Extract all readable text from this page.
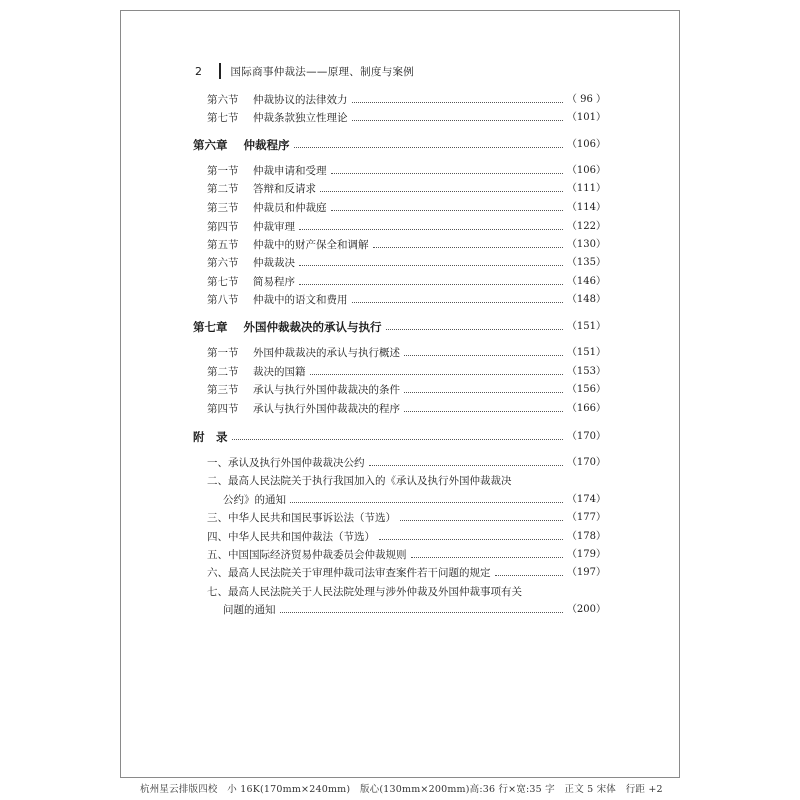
2	国际商事仲裁法——原理、制度与案例
第六节	仲裁协议的法律效力	（ 96 ）
第七节	仲裁条款独立性理论	（101）
第六章 仲裁程序	（106）
第一节	仲裁申请和受理	（106）
第二节	答辩和反请求	（111）
第三节	仲裁员和仲裁庭	（114）
第四节	仲裁审理	（122）
第五节	仲裁中的财产保全和调解	（130）
第六节	仲裁裁决	（135）
第七节	简易程序	（146）
第八节	仲裁中的语文和费用	（148）
第七章 外国仲裁裁决的承认与执行	（151）
第一节	外国仲裁裁决的承认与执行概述	（151）
第二节	裁决的国籍	（153）
第三节	承认与执行外国仲裁裁决的条件	（156）
第四节	承认与执行外国仲裁裁决的程序	（166）
附　录	（170）
一、承认及执行外国仲裁裁决公约	（170）
二、最高人民法院关于执行我国加入的《承认及执行外国仲裁裁决
公约》的通知	（174）
三、中华人民共和国民事诉讼法（节选）	（177）
四、中华人民共和国仲裁法（节选）	（178）
五、中国国际经济贸易仲裁委员会仲裁规则	（179）
六、最高人民法院关于审理仲裁司法审查案件若干问题的规定	（197）
七、最高人民法院关于人民法院处理与涉外仲裁及外国仲裁事项有关
问题的通知	（200）
杭州星云排版四校　小 16K(170mm×240mm)　版心(130mm×200mm)高:36 行×宽:35 字　正文 5 宋体　行距 +2
